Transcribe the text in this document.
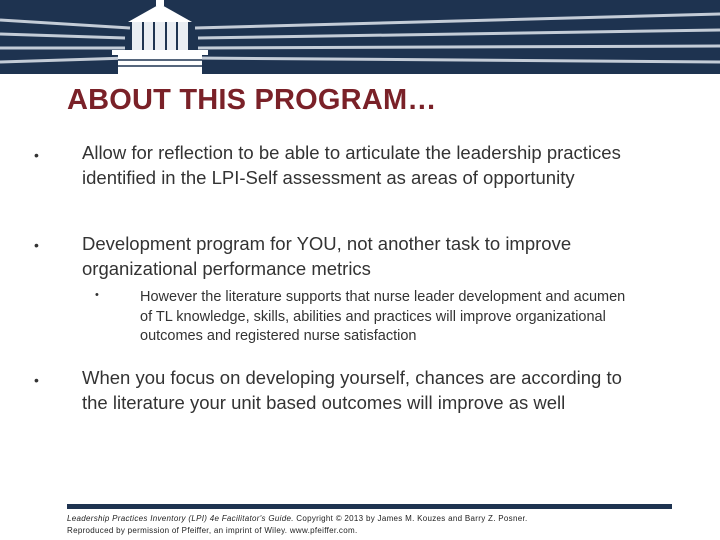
ABOUT THIS PROGRAM…
• Allow for reflection to be able to articulate the leadership practices identified in the LPI-Self assessment as areas of opportunity
• Development program for YOU, not another task to improve organizational performance metrics
•	However the literature supports that nurse leader development and acumen of TL knowledge, skills, abilities and practices will improve organizational outcomes and registered nurse satisfaction
• When you focus on developing yourself, chances are according to the literature your unit based outcomes will improve as well
Leadership Practices Inventory (LPI) 4e Facilitator's Guide. Copyright © 2013 by James M. Kouzes and Barry Z. Posner.
Reproduced by permission of Pfeiffer, an imprint of Wiley. www.pfeiffer.com.
